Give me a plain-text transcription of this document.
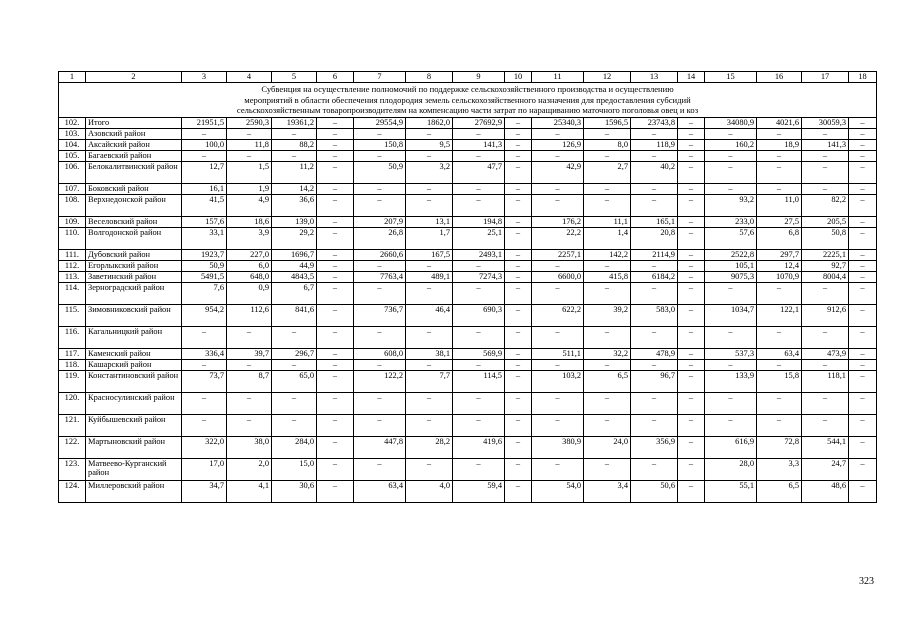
1	2	3	4	5	6	7	8	9	10	11	12	13	14	15	16	17	18

Субвенция на осуществление полномочий по поддержке сельскохозяйственного производства и осуществлению
мероприятий в области обеспечения плодородия земель сельскохозяйственного назначения для предоставления субсидий
сельскохозяйственным товаропроизводителям на компенсацию части затрат по наращиванию маточного поголовья овец и коз																	

102.	Итого	21951,5	2590,3	19361,2	–	29554,9	1862,0	27692,9	–	25340,3	1596,5	23743,8	–	34080,9	4021,6	30059,3	–
103.	Азовский район	–	–	–	–	–	–	–	–	–	–	–	–	–	–	–	–
104.	Аксайский район	100,0	11,8	88,2	–	150,8	9,5	141,3	–	126,9	8,0	118,9	–	160,2	18,9	141,3	–
105.	Багаевский район	–	–	–	–	–	–	–	–	–	–	–	–	–	–	–	–
106.	Белокалитвинский район	12,7	1,5	11,2	–	50,9	3,2	47,7	–	42,9	2,7	40,2	–	–	–	–	–
107.	Боковский район	16,1	1,9	14,2	–	–	–	–	–	–	–	–	–	–	–	–	–
108.	Верхнедонской район	41,5	4,9	36,6	–	–	–	–	–	–	–	–	–	93,2	11,0	82,2	–
109.	Веселовский район	157,6	18,6	139,0	–	207,9	13,1	194,8	–	176,2	11,1	165,1	–	233,0	27,5	205,5	–
110.	Волгодонской район	33,1	3,9	29,2	–	26,8	1,7	25,1	–	22,2	1,4	20,8	–	57,6	6,8	50,8	–
111.	Дубовский район	1923,7	227,0	1696,7	–	2660,6	167,5	2493,1	–	2257,1	142,2	2114,9	–	2522,8	297,7	2225,1	–
112.	Егорлыкский район	50,9	6,0	44,9	–	–	–	–	–	–	–	–	–	105,1	12,4	92,7	–
113.	Заветинский район	5491,5	648,0	4843,5	–	7763,4	489,1	7274,3	–	6600,0	415,8	6184,2	–	9075,3	1070,9	8004,4	–
114.	Зерноградский район	7,6	0,9	6,7	–	–	–	–	–	–	–	–	–	–	–	–	–
115.	Зимовниковский район	954,2	112,6	841,6	–	736,7	46,4	690,3	–	622,2	39,2	583,0	–	1034,7	122,1	912,6	–
116.	Кагальницкий район	–	–	–	–	–	–	–	–	–	–	–	–	–	–	–	–
117.	Каменский район	336,4	39,7	296,7	–	608,0	38,1	569,9	–	511,1	32,2	478,9	–	537,3	63,4	473,9	–
118.	Кашарский район	–	–	–	–	–	–	–	–	–	–	–	–	–	–	–	–
119.	Константиновский район	73,7	8,7	65,0	–	122,2	7,7	114,5	–	103,2	6,5	96,7	–	133,9	15,8	118,1	–
120.	Красносулинский район	–	–	–	–	–	–	–	–	–	–	–	–	–	–	–	–
121.	Куйбышевский район	–	–	–	–	–	–	–	–	–	–	–	–	–	–	–	–
122.	Мартыновский район	322,0	38,0	284,0	–	447,8	28,2	419,6	–	380,9	24,0	356,9	–	616,9	72,8	544,1	–
123.	Матвеево-Курганский район	17,0	2,0	15,0	–	–	–	–	–	–	–	–	–	28,0	3,3	24,7	–
124.	Миллеровский район	34,7	4,1	30,6	–	63,4	4,0	59,4	–	54,0	3,4	50,6	–	55,1	6,5	48,6	–
323
